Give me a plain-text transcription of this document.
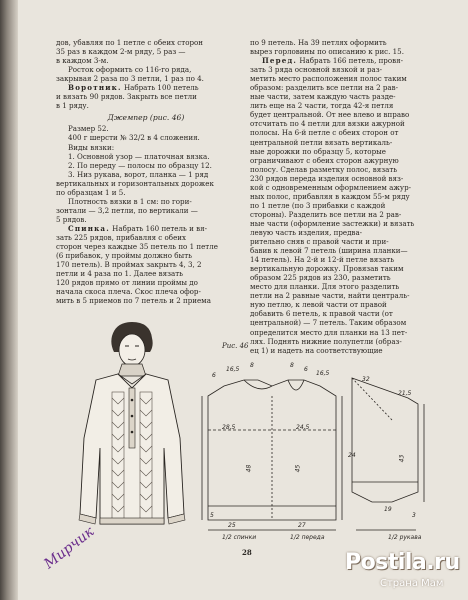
дов, убавляя по 1 петле с обеих сторон

35 раз в каждом 2-м ряду, 5 раз —

в каждом 3-м.

Росток оформить со 116-го ряда,

закрывая 2 раза по 3 петли, 1 раз по 4.

Воротник. Набрать 100 петель

и вязать 90 рядов. Закрыть все петли

в 1 ряду.

Джемпер (рис. 46)

Размер 52.

400 г шерсти № 32/2 в 4 сложения.

Виды вязки:

1. Основной узор — платочная вязка.

2. По переду — полосы по образцу 12.

3. Низ рукава, ворот, планка — 1 ряд

вертикальных и горизонтальных дорожек

по образцам 1 и 5.

Плотность вязки в 1 см: по гори-

зонтали — 3,2 петли, по вертикали —

5 рядов.

Спинка. Набрать 160 петель и вя-

зать 225 рядов, прибавляя с обеих

сторон через каждые 35 петель по 1 петле

(6 прибавок, у проймы должно быть

170 петель). В проймах закрыть 4, 3, 2

петли и 4 раза по 1. Далее вязать

120 рядов прямо от линии проймы до

начала скоса плеча. Скос плеча офор-

мить в 5 приемов по 7 петель и 2 приема

по 9 петель. На 39 петлях оформить

вырез горловины по описанию к рис. 15.

Перед. Набрать 166 петель, провя-

зать 3 ряда основной вязкой и раз-

метить место расположения полос таким

образом: разделить все петли на 2 рав-

ные части, затем каждую часть разде-

лить еще на 2 части, тогда 42-я петля

будет центральной. От нее влево и вправо

отсчитать по 4 петли для вязки ажурной

полосы. На 6-й петле с обеих сторон от

центральной петли вязать вертикаль-

ные дорожки по образцу 5, которые

ограничивают с обеих сторон ажурную

полосу. Сделав разметку полос, вязать

230 рядов переда изделия основной вяз-

кой с одновременным оформлением ажур-

ных полос, прибавляя в каждом 55-м ряду

по 1 петле (по 3 прибавки с каждой

стороны). Разделить все петли на 2 рав-

ные части (оформление застежки) и вязать

левую часть изделия, предва-

рительно сняв с правой части и при-

бавив к левой 7 петель (ширина планки—

14 петель). На 2-й и 12-й петле вязать

вертикальную дорожку. Провязав таким

образом 225 рядов из 230, разметить

место для планки. Для этого разделить

петли на 2 равные части, найти централь-

ную петлю, к левой части от правой

добавить 6 петель, к правой части (от

центральной) — 7 петель. Таким образом

определится место для планки на 13 пет-

лях. Поднять нижние полупетли (образ-

ец 1) и надеть на соответствующие

Рис. 46
6
16,5
8	8
6
16,5
32
21,5
28,5	24,5
24
48	45
43
25	27
19
5	3
1/2 спинки	1/2 переда	1/2 рукава
28
Мирчик	Postila.ru
Страна Мам
